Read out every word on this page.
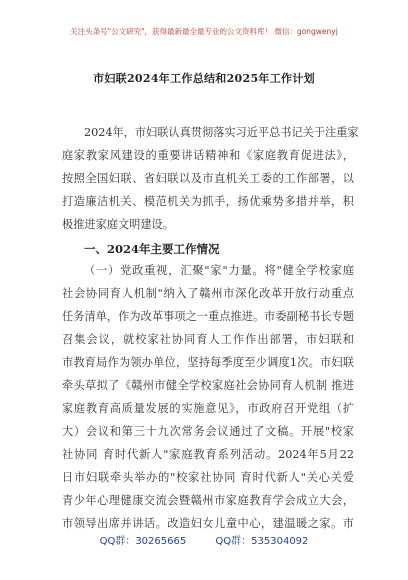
关注头条号"公文研究"，获得最新最全最专业的公文资料库！ 微信：gongwenyj
市妇联2024年工作总结和2025年工作计划
2024年，市妇联认真贯彻落实习近平总书记关于注重家
庭家教家风建设的重要讲话精神和《家庭教育促进法》，
按照全国妇联、省妇联以及市直机关工委的工作部署，以
打造廉洁机关、模范机关为抓手，扬优乘势多措并举，积
极推进家庭文明建设。
一、2024年主要工作情况
（一）党政重视，汇聚"家"力量。将"健全学校家庭
社会协同育人机制"纳入了赣州市深化改革开放行动重点
任务清单，作为改革事项之一重点推进。市委副秘书长专题
召集会议，就校家社协同育人工作作出部署，市妇联和
市教育局作为领办单位，坚持每季度至少调度1次。市妇联
牵头草拟了《赣州市健全学校家庭社会协同育人机制 推进
家庭教育高质量发展的实施意见》，市政府召开党组（扩
大）会议和第三十九次常务会议通过了文稿。开展"校家
社协同 育时代新人"家庭教育系列活动。2024年5月22
日市妇联牵头举办的"校家社协同 育时代新人"关心关爱
青少年心理健康交流会暨赣州市家庭教育学会成立大会，
市领导出席并讲话。改造妇女儿童中心，建温暖之家。市
QQ群：30265665	QQ群：535304092
